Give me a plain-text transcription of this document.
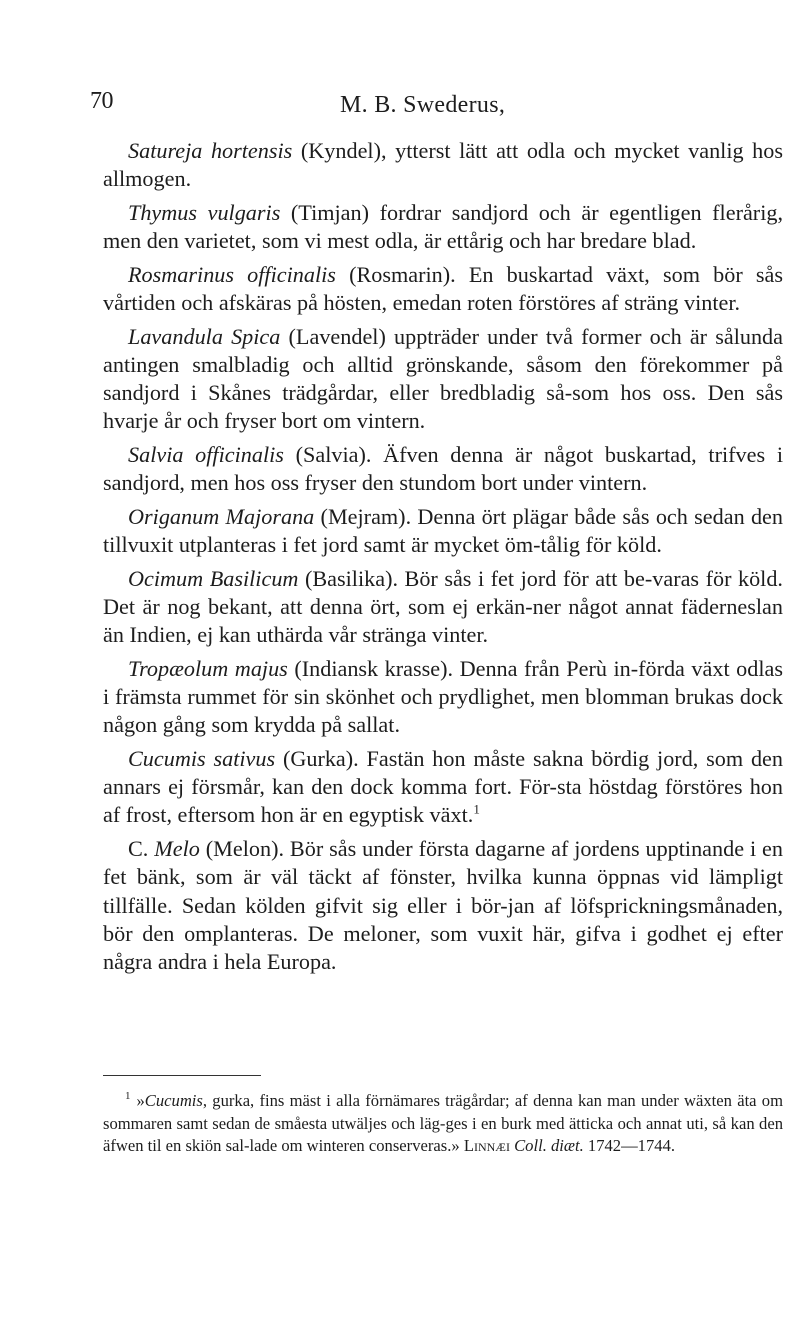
70	M. B. Swederus,

Satureja hortensis (Kyndel), ytterst lätt att odla och mycket vanlig hos allmogen.

Thymus vulgaris (Timjan) fordrar sandjord och är egentligen flerårig, men den varietet, som vi mest odla, är ettårig och har bredare blad.

Rosmarinus officinalis (Rosmarin). En buskartad växt, som bör sås vårtiden och afskäras på hösten, emedan roten förstöres af sträng vinter.

Lavandula Spica (Lavendel) uppträder under två former och är sålunda antingen smalbladig och alltid grönskande, såsom den förekommer på sandjord i Skånes trädgårdar, eller bredbladig så-som hos oss. Den sås hvarje år och fryser bort om vintern.

Salvia officinalis (Salvia). Äfven denna är något buskartad, trifves i sandjord, men hos oss fryser den stundom bort under vintern.

Origanum Majorana (Mejram). Denna ört plägar både sås och sedan den tillvuxit utplanteras i fet jord samt är mycket öm-tålig för köld.

Ocimum Basilicum (Basilika). Bör sås i fet jord för att be-varas för köld. Det är nog bekant, att denna ört, som ej erkän-ner något annat fäderneslan än Indien, ej kan uthärda vår stränga vinter.

Tropæolum majus (Indiansk krasse). Denna från Perù in-förda växt odlas i främsta rummet för sin skönhet och prydlighet, men blomman brukas dock någon gång som krydda på sallat.

Cucumis sativus (Gurka). Fastän hon måste sakna bördig jord, som den annars ej försmår, kan den dock komma fort. För-sta höstdag förstöres hon af frost, eftersom hon är en egyptisk växt.$^1$

C. Melo (Melon). Bör sås under första dagarne af jordens upptinande i en fet bänk, som är väl täckt af fönster, hvilka kunna öppnas vid lämpligt tillfälle. Sedan kölden gifvit sig eller i bör-jan af löfsprickningsmånaden, bör den omplanteras. De meloner, som vuxit här, gifva i godhet ej efter några andra i hela Europa.

$^1$ »Cucumis, gurka, fins mäst i alla förnämares trägårdar; af denna kan man under wäxten äta om sommaren samt sedan de småesta utwäljes och läg-ges i en burk med ätticka och annat uti, så kan den äfwen til en skiön sal-lade om winteren conserveras.» Linnæi Coll. diæt. 1742—1744.
